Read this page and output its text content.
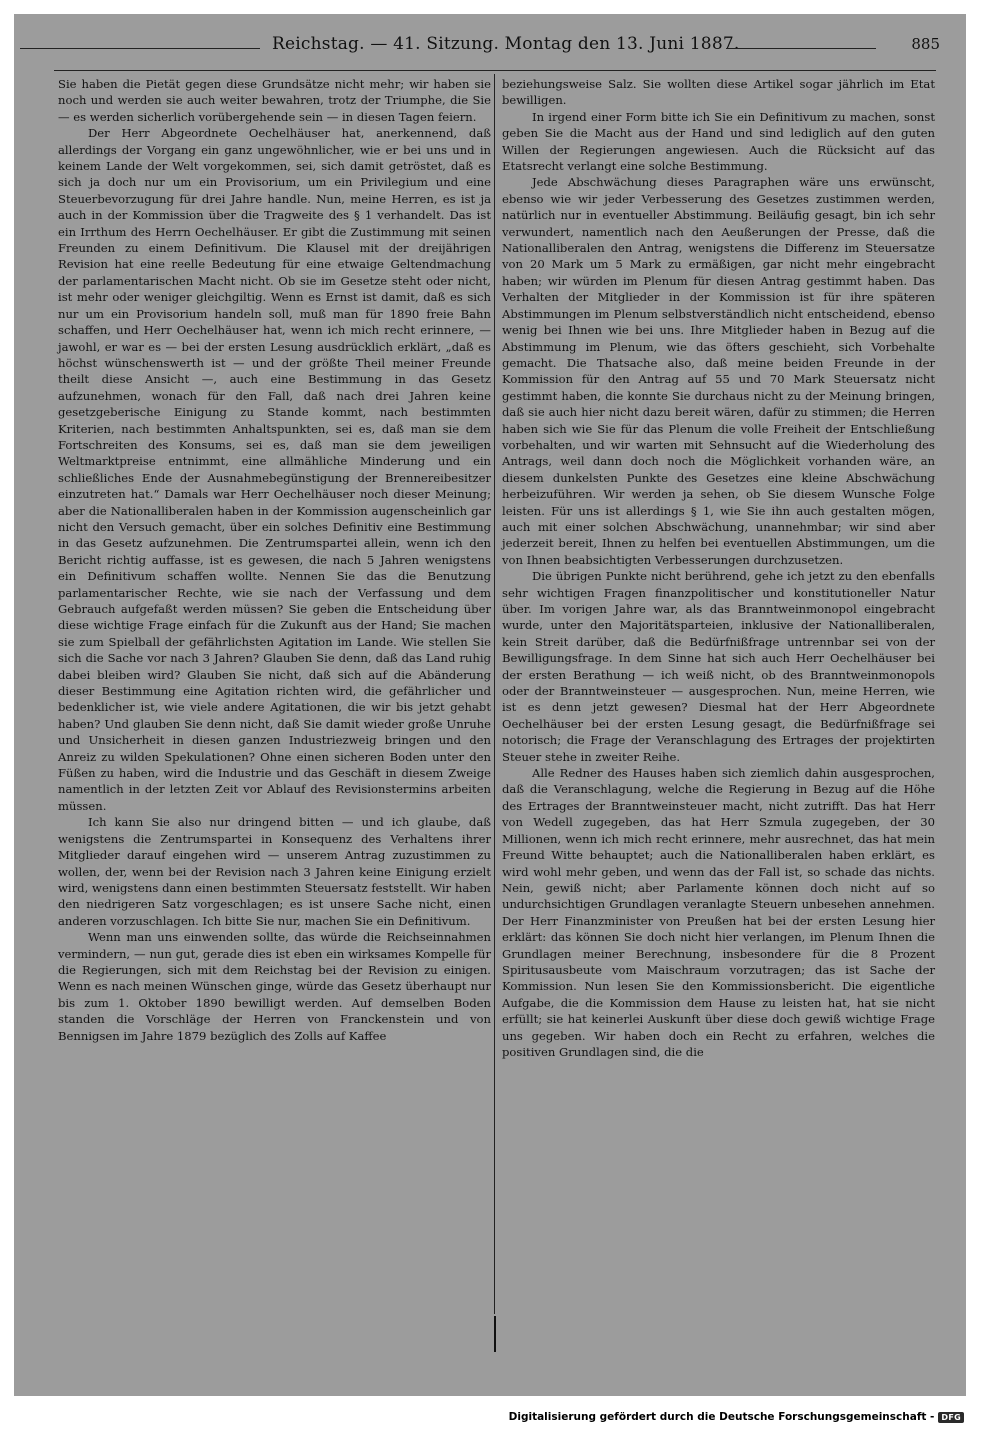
Reichstag. — 41. Sitzung. Montag den 13. Juni 1887.	885

Sie haben die Pietät gegen diese Grundsätze nicht mehr; wir haben sie noch und werden sie auch weiter bewahren, trotz der Triumphe, die Sie — es werden sicherlich vorübergehende sein — in diesen Tagen feiern.

Der Herr Abgeordnete Oechelhäuser hat, anerkennend, daß allerdings der Vorgang ein ganz ungewöhnlicher, wie er bei uns und in keinem Lande der Welt vorgekommen, sei, sich damit getröstet, daß es sich ja doch nur um ein Provisorium, um ein Privilegium und eine Steuerbevorzugung für drei Jahre handle. Nun, meine Herren, es ist ja auch in der Kommission über die Tragweite des § 1 verhandelt. Das ist ein Irrthum des Herrn Oechelhäuser. Er gibt die Zustimmung mit seinen Freunden zu einem Definitivum. Die Klausel mit der dreijährigen Revision hat eine reelle Bedeutung für eine etwaige Geltendmachung der parlamentarischen Macht nicht. Ob sie im Gesetze steht oder nicht, ist mehr oder weniger gleichgiltig. Wenn es Ernst ist damit, daß es sich nur um ein Provisorium handeln soll, muß man für 1890 freie Bahn schaffen, und Herr Oechelhäuser hat, wenn ich mich recht erinnere, — jawohl, er war es — bei der ersten Lesung ausdrücklich erklärt, „daß es höchst wünschenswerth ist — und der größte Theil meiner Freunde theilt diese Ansicht —, auch eine Bestimmung in das Gesetz aufzunehmen, wonach für den Fall, daß nach drei Jahren keine gesetzgeberische Einigung zu Stande kommt, nach bestimmten Kriterien, nach bestimmten Anhaltspunkten, sei es, daß man sie dem Fortschreiten des Konsums, sei es, daß man sie dem jeweiligen Weltmarktpreise entnimmt, eine allmähliche Minderung und ein schließliches Ende der Ausnahmebegünstigung der Brennereibesitzer einzutreten hat.“ Damals war Herr Oechelhäuser noch dieser Meinung; aber die Nationalliberalen haben in der Kommission augenscheinlich gar nicht den Versuch gemacht, über ein solches Definitiv eine Bestimmung in das Gesetz aufzunehmen. Die Zentrumspartei allein, wenn ich den Bericht richtig auffasse, ist es gewesen, die nach 5 Jahren wenigstens ein Definitivum schaffen wollte. Nennen Sie das die Benutzung parlamentarischer Rechte, wie sie nach der Verfassung und dem Gebrauch aufgefaßt werden müssen? Sie geben die Entscheidung über diese wichtige Frage einfach für die Zukunft aus der Hand; Sie machen sie zum Spielball der gefährlichsten Agitation im Lande. Wie stellen Sie sich die Sache vor nach 3 Jahren? Glauben Sie denn, daß das Land ruhig dabei bleiben wird? Glauben Sie nicht, daß sich auf die Abänderung dieser Bestimmung eine Agitation richten wird, die gefährlicher und bedenklicher ist, wie viele andere Agitationen, die wir bis jetzt gehabt haben? Und glauben Sie denn nicht, daß Sie damit wieder große Unruhe und Unsicherheit in diesen ganzen Industriezweig bringen und den Anreiz zu wilden Spekulationen? Ohne einen sicheren Boden unter den Füßen zu haben, wird die Industrie und das Geschäft in diesem Zweige namentlich in der letzten Zeit vor Ablauf des Revisionstermins arbeiten müssen.

Ich kann Sie also nur dringend bitten — und ich glaube, daß wenigstens die Zentrumspartei in Konsequenz des Verhaltens ihrer Mitglieder darauf eingehen wird — unserem Antrag zuzustimmen zu wollen, der, wenn bei der Revision nach 3 Jahren keine Einigung erzielt wird, wenigstens dann einen bestimmten Steuersatz feststellt. Wir haben den niedrigeren Satz vorgeschlagen; es ist unsere Sache nicht, einen anderen vorzuschlagen. Ich bitte Sie nur, machen Sie ein Definitivum.

Wenn man uns einwenden sollte, das würde die Reichseinnahmen vermindern, — nun gut, gerade dies ist eben ein wirksames Kompelle für die Regierungen, sich mit dem Reichstag bei der Revision zu einigen. Wenn es nach meinen Wünschen ginge, würde das Gesetz überhaupt nur bis zum 1. Oktober 1890 bewilligt werden. Auf demselben Boden standen die Vorschläge der Herren von Franckenstein und von Bennigsen im Jahre 1879 bezüglich des Zolls auf Kaffee

beziehungsweise Salz. Sie wollten diese Artikel sogar jährlich im Etat bewilligen.

In irgend einer Form bitte ich Sie ein Definitivum zu machen, sonst geben Sie die Macht aus der Hand und sind lediglich auf den guten Willen der Regierungen angewiesen. Auch die Rücksicht auf das Etatsrecht verlangt eine solche Bestimmung.

Jede Abschwächung dieses Paragraphen wäre uns erwünscht, ebenso wie wir jeder Verbesserung des Gesetzes zustimmen werden, natürlich nur in eventueller Abstimmung. Beiläufig gesagt, bin ich sehr verwundert, namentlich nach den Aeußerungen der Presse, daß die Nationalliberalen den Antrag, wenigstens die Differenz im Steuersatze von 20 Mark um 5 Mark zu ermäßigen, gar nicht mehr eingebracht haben; wir würden im Plenum für diesen Antrag gestimmt haben. Das Verhalten der Mitglieder in der Kommission ist für ihre späteren Abstimmungen im Plenum selbstverständlich nicht entscheidend, ebenso wenig bei Ihnen wie bei uns. Ihre Mitglieder haben in Bezug auf die Abstimmung im Plenum, wie das öfters geschieht, sich Vorbehalte gemacht. Die Thatsache also, daß meine beiden Freunde in der Kommission für den Antrag auf 55 und 70 Mark Steuersatz nicht gestimmt haben, die konnte Sie durchaus nicht zu der Meinung bringen, daß sie auch hier nicht dazu bereit wären, dafür zu stimmen; die Herren haben sich wie Sie für das Plenum die volle Freiheit der Entschließung vorbehalten, und wir warten mit Sehnsucht auf die Wiederholung des Antrags, weil dann doch noch die Möglichkeit vorhanden wäre, an diesem dunkelsten Punkte des Gesetzes eine kleine Abschwächung herbeizuführen. Wir werden ja sehen, ob Sie diesem Wunsche Folge leisten. Für uns ist allerdings § 1, wie Sie ihn auch gestalten mögen, auch mit einer solchen Abschwächung, unannehmbar; wir sind aber jederzeit bereit, Ihnen zu helfen bei eventuellen Abstimmungen, um die von Ihnen beabsichtigten Verbesserungen durchzusetzen.

Die übrigen Punkte nicht berührend, gehe ich jetzt zu den ebenfalls sehr wichtigen Fragen finanzpolitischer und konstitutioneller Natur über. Im vorigen Jahre war, als das Branntweinmonopol eingebracht wurde, unter den Majoritätsparteien, inklusive der Nationalliberalen, kein Streit darüber, daß die Bedürfnißfrage untrennbar sei von der Bewilligungsfrage. In dem Sinne hat sich auch Herr Oechelhäuser bei der ersten Berathung — ich weiß nicht, ob des Branntweinmonopols oder der Branntweinsteuer — ausgesprochen. Nun, meine Herren, wie ist es denn jetzt gewesen? Diesmal hat der Herr Abgeordnete Oechelhäuser bei der ersten Lesung gesagt, die Bedürfnißfrage sei notorisch; die Frage der Veranschlagung des Ertrages der projektirten Steuer stehe in zweiter Reihe.

Alle Redner des Hauses haben sich ziemlich dahin ausgesprochen, daß die Veranschlagung, welche die Regierung in Bezug auf die Höhe des Ertrages der Branntweinsteuer macht, nicht zutrifft. Das hat Herr von Wedell zugegeben, das hat Herr Szmula zugegeben, der 30 Millionen, wenn ich mich recht erinnere, mehr ausrechnet, das hat mein Freund Witte behauptet; auch die Nationalliberalen haben erklärt, es wird wohl mehr geben, und wenn das der Fall ist, so schade das nichts. Nein, gewiß nicht; aber Parlamente können doch nicht auf so undurchsichtigen Grundlagen veranlagte Steuern unbesehen annehmen. Der Herr Finanzminister von Preußen hat bei der ersten Lesung hier erklärt: das können Sie doch nicht hier verlangen, im Plenum Ihnen die Grundlagen meiner Berechnung, insbesondere für die 8 Prozent Spiritusausbeute vom Maischraum vorzutragen; das ist Sache der Kommission. Nun lesen Sie den Kommissionsbericht. Die eigentliche Aufgabe, die die Kommission dem Hause zu leisten hat, hat sie nicht erfüllt; sie hat keinerlei Auskunft über diese doch gewiß wichtige Frage uns gegeben. Wir haben doch ein Recht zu erfahren, welches die positiven Grundlagen sind, die die

Digitalisierung gefördert durch die Deutsche Forschungsgemeinschaft - DFG
